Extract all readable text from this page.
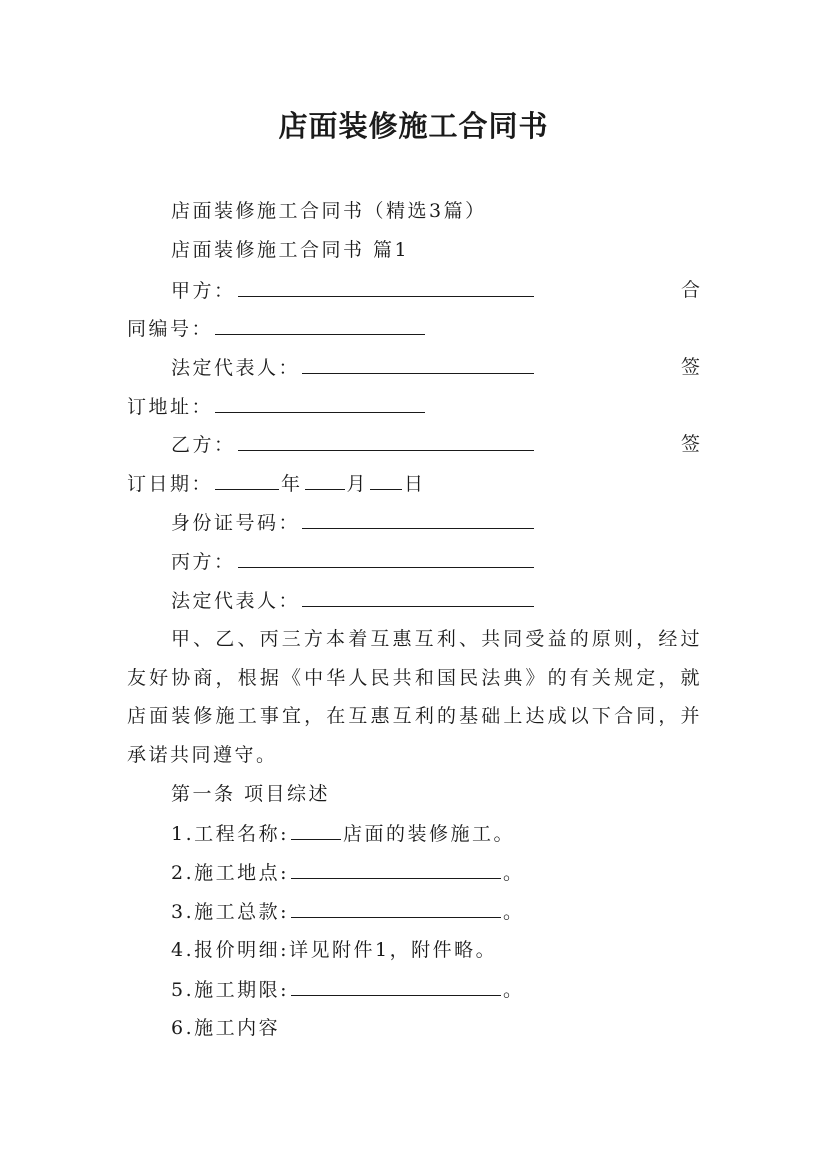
店面装修施工合同书
店面装修施工合同书（精选3篇）
店面装修施工合同书 篇1
甲方：	合
同编号：
法定代表人：	签
订地址：
乙方：	签
订日期：	年 月 日
身份证号码：
丙方：
法定代表人：
甲、乙、丙三方本着互惠互利、共同受益的原则，经过友好协商，根据《中华人民共和国民法典》的有关规定，就店面装修施工事宜，在互惠互利的基础上达成以下合同，并承诺共同遵守。
第一条 项目综述
1.工程名称:	店面的装修施工。
2.施工地点:	。
3.施工总款:	。
4.报价明细:详见附件1，附件略。
5.施工期限:	。
6.施工内容
